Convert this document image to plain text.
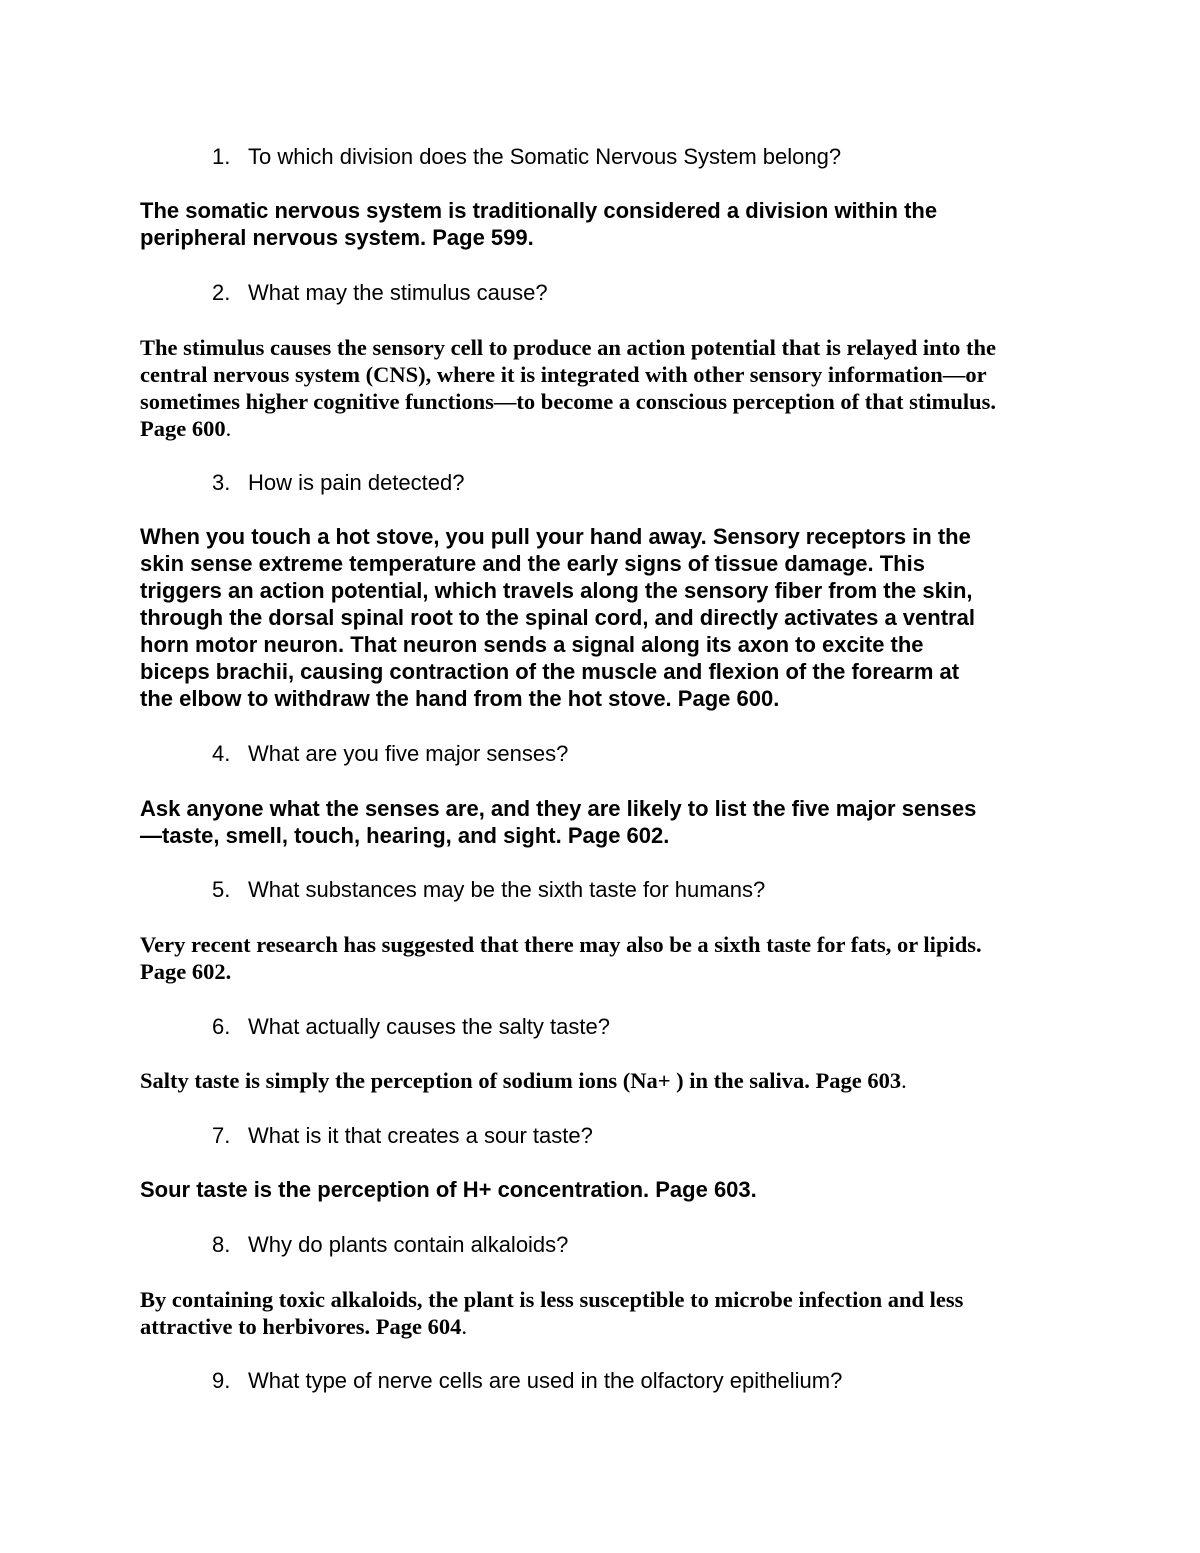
1. To which division does the Somatic Nervous System belong?
The somatic nervous system is traditionally considered a division within the
peripheral nervous system. Page 599.
2. What may the stimulus cause?
The stimulus causes the sensory cell to produce an action potential that is relayed into the
central nervous system (CNS), where it is integrated with other sensory information—or
sometimes higher cognitive functions—to become a conscious perception of that stimulus.
Page 600.
3. How is pain detected?
When you touch a hot stove, you pull your hand away. Sensory receptors in the
skin sense extreme temperature and the early signs of tissue damage. This
triggers an action potential, which travels along the sensory fiber from the skin,
through the dorsal spinal root to the spinal cord, and directly activates a ventral
horn motor neuron. That neuron sends a signal along its axon to excite the
biceps brachii, causing contraction of the muscle and flexion of the forearm at
the elbow to withdraw the hand from the hot stove. Page 600.
4. What are you five major senses?
Ask anyone what the senses are, and they are likely to list the five major senses
—taste, smell, touch, hearing, and sight. Page 602.
5. What substances may be the sixth taste for humans?
Very recent research has suggested that there may also be a sixth taste for fats, or lipids.
Page 602.
6. What actually causes the salty taste?
Salty taste is simply the perception of sodium ions (Na+ ) in the saliva. Page 603.
7. What is it that creates a sour taste?
Sour taste is the perception of H+ concentration. Page 603.
8. Why do plants contain alkaloids?
By containing toxic alkaloids, the plant is less susceptible to microbe infection and less
attractive to herbivores. Page 604.
9. What type of nerve cells are used in the olfactory epithelium?
